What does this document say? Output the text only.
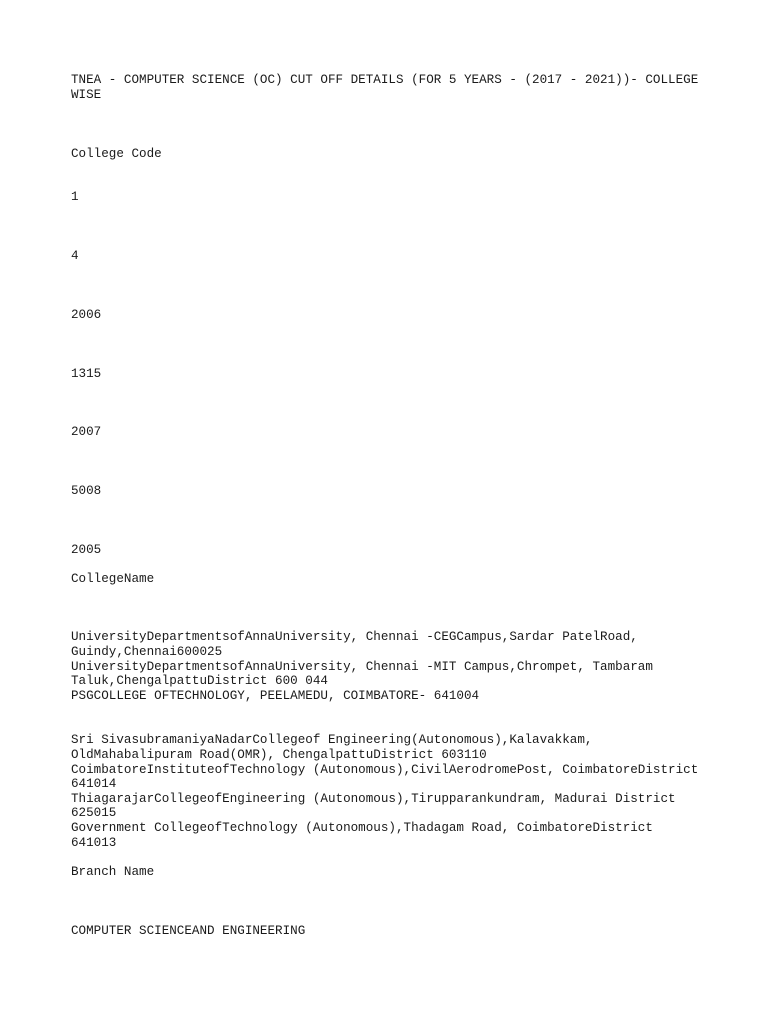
TNEA - COMPUTER SCIENCE (OC) CUT OFF DETAILS (FOR 5 YEARS - (2017 - 2021))- COLLEGE
WISE
College Code
1
4
2006
1315
2007
5008
2005
CollegeName
UniversityDepartmentsofAnnaUniversity, Chennai -CEGCampus,Sardar PatelRoad,
Guindy,Chennai600025
UniversityDepartmentsofAnnaUniversity, Chennai -MIT Campus,Chrompet, Tambaram
Taluk,ChengalpattuDistrict 600 044
PSGCOLLEGE OFTECHNOLOGY, PEELAMEDU, COIMBATORE- 641004
Sri SivasubramaniyaNadarCollegeof Engineering(Autonomous),Kalavakkam,
OldMahabalipuram Road(OMR), ChengalpattuDistrict 603110
CoimbatoreInstituteofTechnology (Autonomous),CivilAerodromePost, CoimbatoreDistrict
641014
ThiagarajarCollegeofEngineering (Autonomous),Tirupparankundram, Madurai District
625015
Government CollegeofTechnology (Autonomous),Thadagam Road, CoimbatoreDistrict
641013
Branch Name
COMPUTER SCIENCEAND ENGINEERING
